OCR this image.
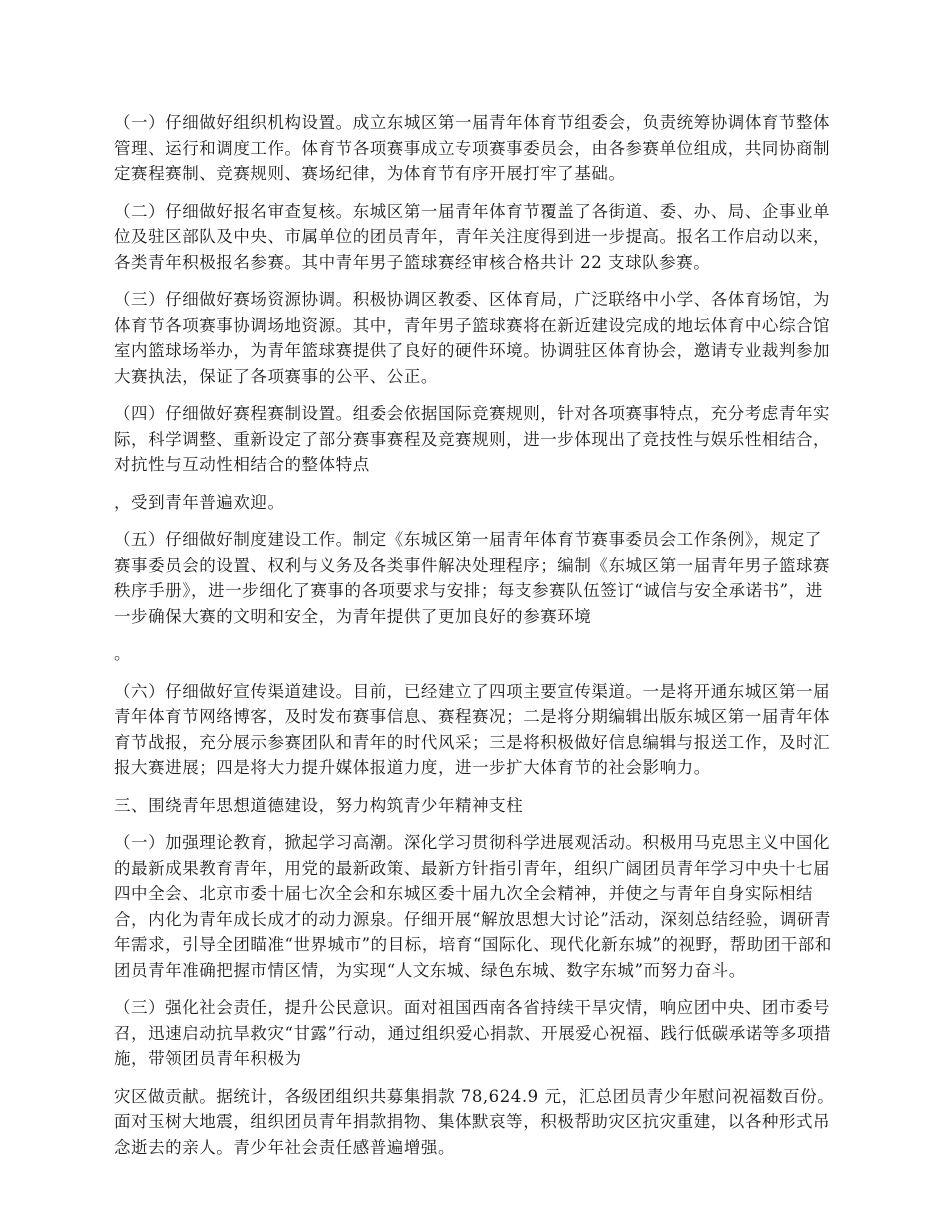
（一）仔细做好组织机构设置。成立东城区第一届青年体育节组委会，负责统筹协调体育节整体管理、运行和调度工作。体育节各项赛事成立专项赛事委员会，由各参赛单位组成，共同协商制定赛程赛制、竞赛规则、赛场纪律，为体育节有序开展打牢了基础。

（二）仔细做好报名审查复核。东城区第一届青年体育节覆盖了各街道、委、办、局、企事业单位及驻区部队及中央、市属单位的团员青年，青年关注度得到进一步提高。报名工作启动以来，各类青年积极报名参赛。其中青年男子篮球赛经审核合格共计 22 支球队参赛。

（三）仔细做好赛场资源协调。积极协调区教委、区体育局，广泛联络中小学、各体育场馆，为体育节各项赛事协调场地资源。其中，青年男子篮球赛将在新近建设完成的地坛体育中心综合馆室内篮球场举办，为青年篮球赛提供了良好的硬件环境。协调驻区体育协会，邀请专业裁判参加大赛执法，保证了各项赛事的公平、公正。

（四）仔细做好赛程赛制设置。组委会依据国际竞赛规则，针对各项赛事特点，充分考虑青年实际，科学调整、重新设定了部分赛事赛程及竞赛规则，进一步体现出了竞技性与娱乐性相结合，对抗性与互动性相结合的整体特点

，受到青年普遍欢迎。

（五）仔细做好制度建设工作。制定《东城区第一届青年体育节赛事委员会工作条例》，规定了赛事委员会的设置、权利与义务及各类事件解决处理程序；编制《东城区第一届青年男子篮球赛秩序手册》，进一步细化了赛事的各项要求与安排；每支参赛队伍签订“诚信与安全承诺书”，进一步确保大赛的文明和安全，为青年提供了更加良好的参赛环境

。

（六）仔细做好宣传渠道建设。目前，已经建立了四项主要宣传渠道。一是将开通东城区第一届青年体育节网络博客，及时发布赛事信息、赛程赛况；二是将分期编辑出版东城区第一届青年体育节战报，充分展示参赛团队和青年的时代风采；三是将积极做好信息编辑与报送工作，及时汇报大赛进展；四是将大力提升媒体报道力度，进一步扩大体育节的社会影响力。

三、围绕青年思想道德建设，努力构筑青少年精神支柱

（一）加强理论教育，掀起学习高潮。深化学习贯彻科学进展观活动。积极用马克思主义中国化的最新成果教育青年，用党的最新政策、最新方针指引青年，组织广阔团员青年学习中央十七届四中全会、北京市委十届七次全会和东城区委十届九次全会精神，并使之与青年自身实际相结合，内化为青年成长成才的动力源泉。仔细开展“解放思想大讨论”活动，深刻总结经验，调研青年需求，引导全团瞄准“世界城市”的目标，培育“国际化、现代化新东城”的视野，帮助团干部和团员青年准确把握市情区情，为实现“人文东城、绿色东城、数字东城”而努力奋斗。

（三）强化社会责任，提升公民意识。面对祖国西南各省持续干旱灾情，响应团中央、团市委号召，迅速启动抗旱救灾“甘露”行动，通过组织爱心捐款、开展爱心祝福、践行低碳承诺等多项措施，带领团员青年积极为

灾区做贡献。据统计，各级团组织共募集捐款 78,624.9 元，汇总团员青少年慰问祝福数百份。面对玉树大地震，组织团员青年捐款捐物、集体默哀等，积极帮助灾区抗灾重建，以各种形式吊念逝去的亲人。青少年社会责任感普遍增强。
